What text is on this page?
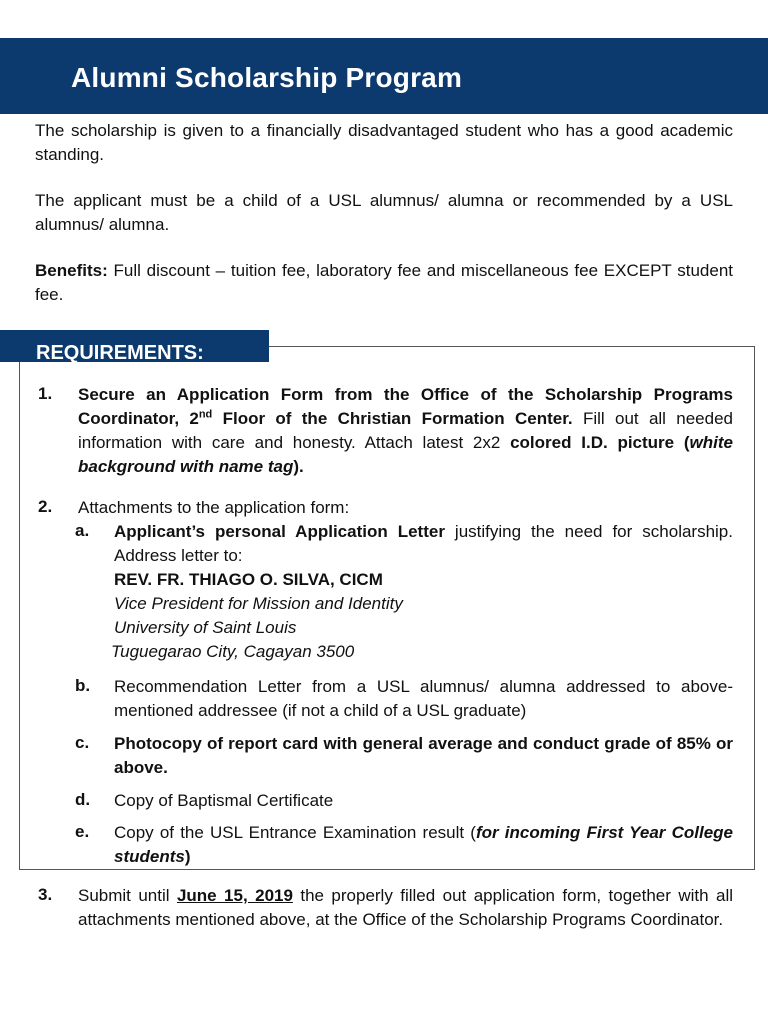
Alumni Scholarship Program
The scholarship is given to a financially disadvantaged student who has a good academic standing.
The applicant must be a child of a USL alumnus/ alumna or recommended by a USL alumnus/ alumna.
Benefits: Full discount – tuition fee, laboratory fee and miscellaneous fee EXCEPT student fee.
REQUIREMENTS:
1. Secure an Application Form from the Office of the Scholarship Programs Coordinator, 2nd Floor of the Christian Formation Center. Fill out all needed information with care and honesty. Attach latest 2x2 colored I.D. picture (white background with name tag).
2. Attachments to the application form:
a. Applicant’s personal Application Letter justifying the need for scholarship. Address letter to:
REV. FR. THIAGO O. SILVA, CICM
Vice President for Mission and Identity
University of Saint Louis
Tuguegarao City, Cagayan 3500
b. Recommendation Letter from a USL alumnus/ alumna addressed to above-mentioned addressee (if not a child of a USL graduate)
c. Photocopy of report card with general average and conduct grade of 85% or above.
d. Copy of Baptismal Certificate
e. Copy of the USL Entrance Examination result (for incoming First Year College students)
3. Submit until June 15, 2019 the properly filled out application form, together with all attachments mentioned above, at the Office of the Scholarship Programs Coordinator.
